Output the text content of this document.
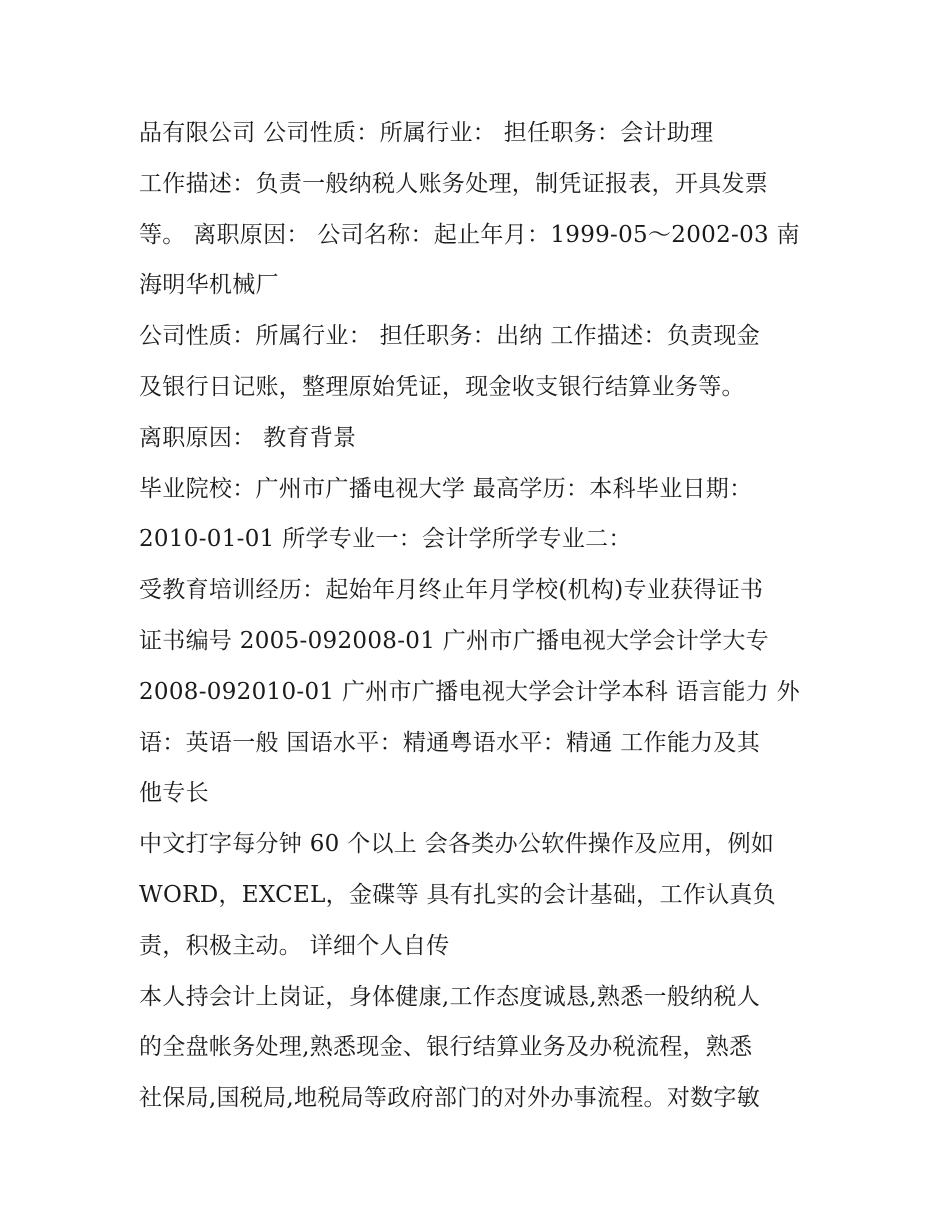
品有限公司 公司性质：所属行业： 担任职务：会计助理
工作描述：负责一般纳税人账务处理，制凭证报表，开具发票
等。 离职原因： 公司名称：起止年月：1999-05～2002-03 南
海明华机械厂
公司性质：所属行业： 担任职务：出纳 工作描述：负责现金
及银行日记账，整理原始凭证，现金收支银行结算业务等。
离职原因： 教育背景
毕业院校：广州市广播电视大学 最高学历：本科毕业日期：
2010-01-01 所学专业一：会计学所学专业二：
受教育培训经历：起始年月终止年月学校(机构)专业获得证书
证书编号 2005-092008-01 广州市广播电视大学会计学大专
2008-092010-01 广州市广播电视大学会计学本科 语言能力 外
语：英语一般 国语水平：精通粤语水平：精通 工作能力及其
他专长
中文打字每分钟 60 个以上 会各类办公软件操作及应用，例如
WORD，EXCEL，金碟等 具有扎实的会计基础，工作认真负
责，积极主动。 详细个人自传
本人持会计上岗证，身体健康,工作态度诚恳,熟悉一般纳税人
的全盘帐务处理,熟悉现金、银行结算业务及办税流程，熟悉
社保局,国税局,地税局等政府部门的对外办事流程。对数字敏
